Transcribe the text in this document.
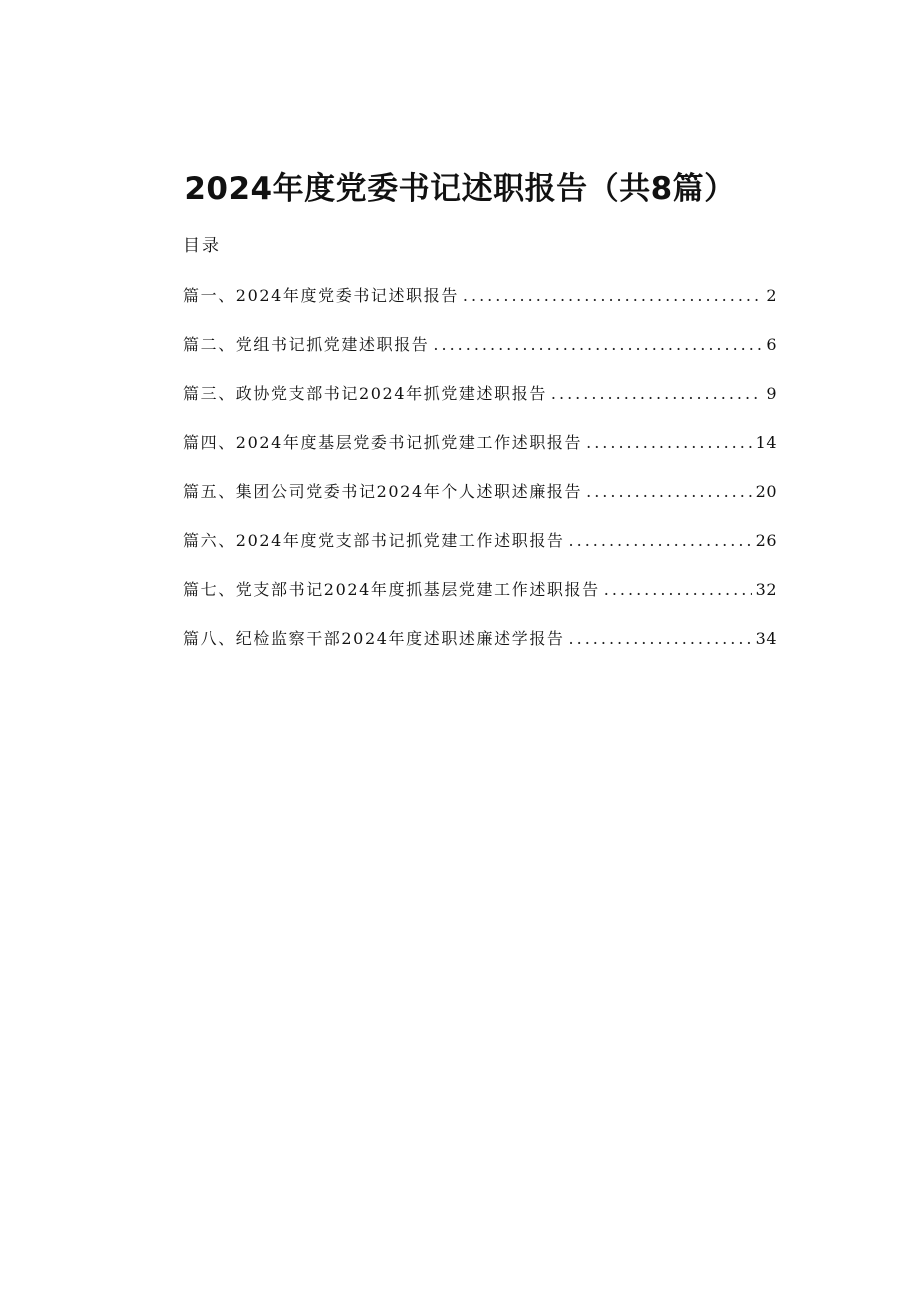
2024年度党委书记述职报告（共8篇）
目录
篇一、2024年度党委书记述职报告 .....	2
篇二、党组书记抓党建述职报告 .....	6
篇三、政协党支部书记2024年抓党建述职报告 .....	9
篇四、2024年度基层党委书记抓党建工作述职报告 .....	14
篇五、集团公司党委书记2024年个人述职述廉报告 .....	20
篇六、2024年度党支部书记抓党建工作述职报告 .....	26
篇七、党支部书记2024年度抓基层党建工作述职报告 .....	32
篇八、纪检监察干部2024年度述职述廉述学报告 .....	34
